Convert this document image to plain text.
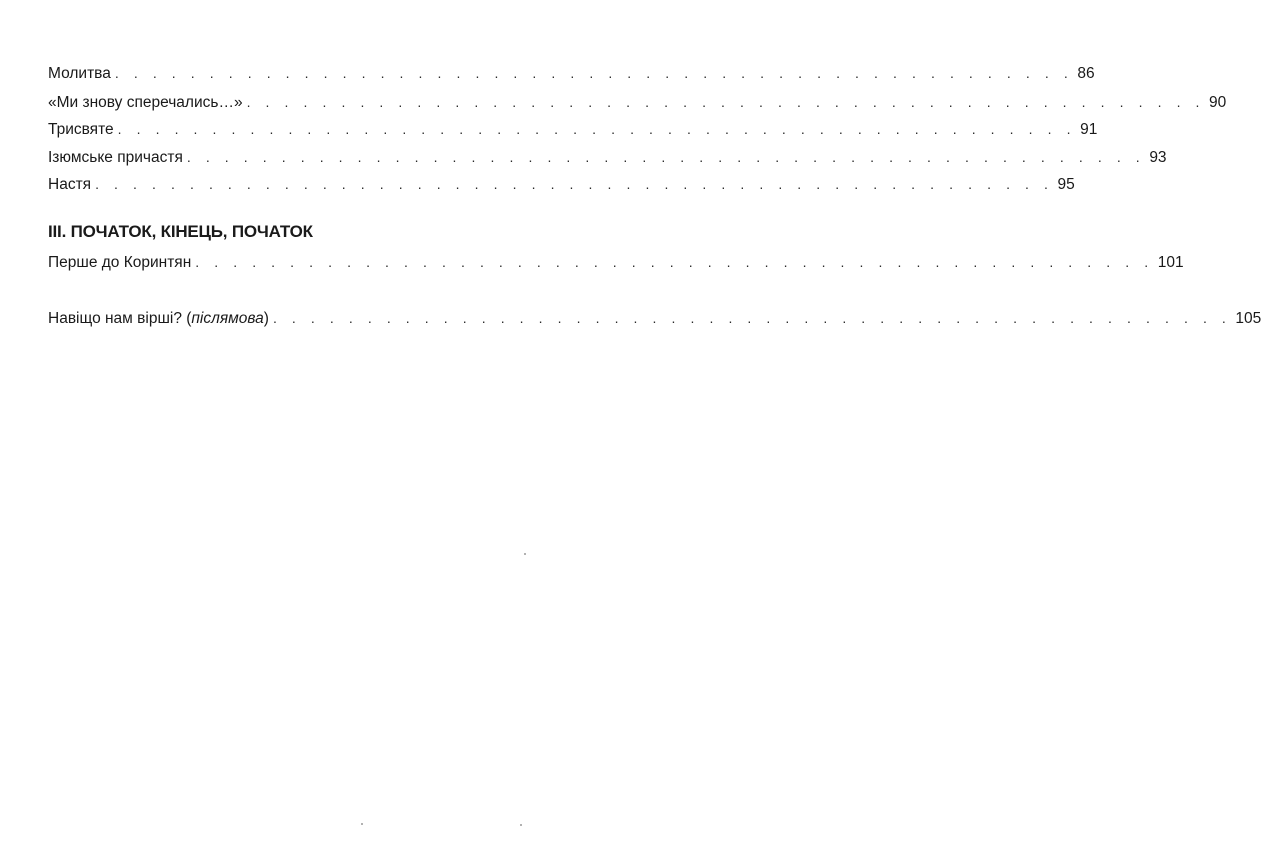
Молитва . . . . . . . . . . . . . . . . . . . . . . . . . . . . . . . . . . . . . . . . . . . . . . . . . . . 86
«Ми знову сперечались…» . . . . . . . . . . . . . . . . . . . . . . . . . . . . . . . . . . . . . . . . . . . . . . . . . . . 90
Трисвяте . . . . . . . . . . . . . . . . . . . . . . . . . . . . . . . . . . . . . . . . . . . . . . . . . . . 91
Ізюмське причастя . . . . . . . . . . . . . . . . . . . . . . . . . . . . . . . . . . . . . . . . . . . . . . . . . . . 93
Настя . . . . . . . . . . . . . . . . . . . . . . . . . . . . . . . . . . . . . . . . . . . . . . . . . . . 95
III. ПОЧАТОК, КІНЕЦЬ, ПОЧАТОК
Перше до Коринтян . . . . . . . . . . . . . . . . . . . . . . . . . . . . . . . . . . . . . . . . . . . . . . . . . . . 101
Навіщо нам вірші? (післямова) . . . . . . . . . . . . . . . . . . . . . . . . . . . . . . . . . . . . . . . . . . . . . . . . . . . 105
